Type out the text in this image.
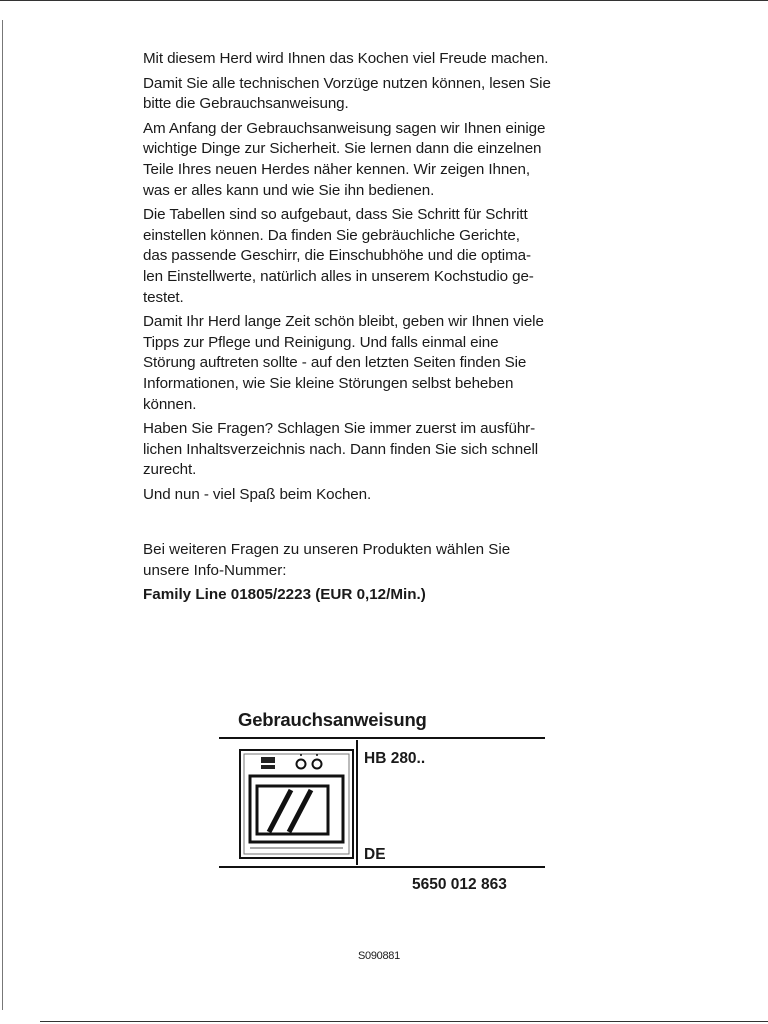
Mit diesem Herd wird Ihnen das Kochen viel Freude machen.

Damit Sie alle technischen Vorzüge nutzen können, lesen Sie
bitte die Gebrauchsanweisung.

Am Anfang der Gebrauchsanweisung sagen wir Ihnen einige
wichtige Dinge zur Sicherheit. Sie lernen dann die einzelnen
Teile Ihres neuen Herdes näher kennen. Wir zeigen Ihnen,
was er alles kann und wie Sie ihn bedienen.

Die Tabellen sind so aufgebaut, dass Sie Schritt für Schritt
einstellen können. Da finden Sie gebräuchliche Gerichte,
das passende Geschirr, die Einschubhöhe und die optima-
len Einstellwerte, natürlich alles in unserem Kochstudio ge-
testet.

Damit Ihr Herd lange Zeit schön bleibt, geben wir Ihnen viele
Tipps zur Pflege und Reinigung. Und falls einmal eine
Störung auftreten sollte - auf den letzten Seiten finden Sie
Informationen, wie Sie kleine Störungen selbst beheben
können.

Haben Sie Fragen? Schlagen Sie immer zuerst im ausführ-
lichen Inhaltsverzeichnis nach. Dann finden Sie sich schnell
zurecht.

Und nun - viel Spaß beim Kochen.

Bei weiteren Fragen zu unseren Produkten wählen Sie
unsere Info-Nummer:

Family Line 01805/2223 (EUR 0,12/Min.)

Gebrauchsanweisung
HB 280..
DE
5650 012 863
S090881
